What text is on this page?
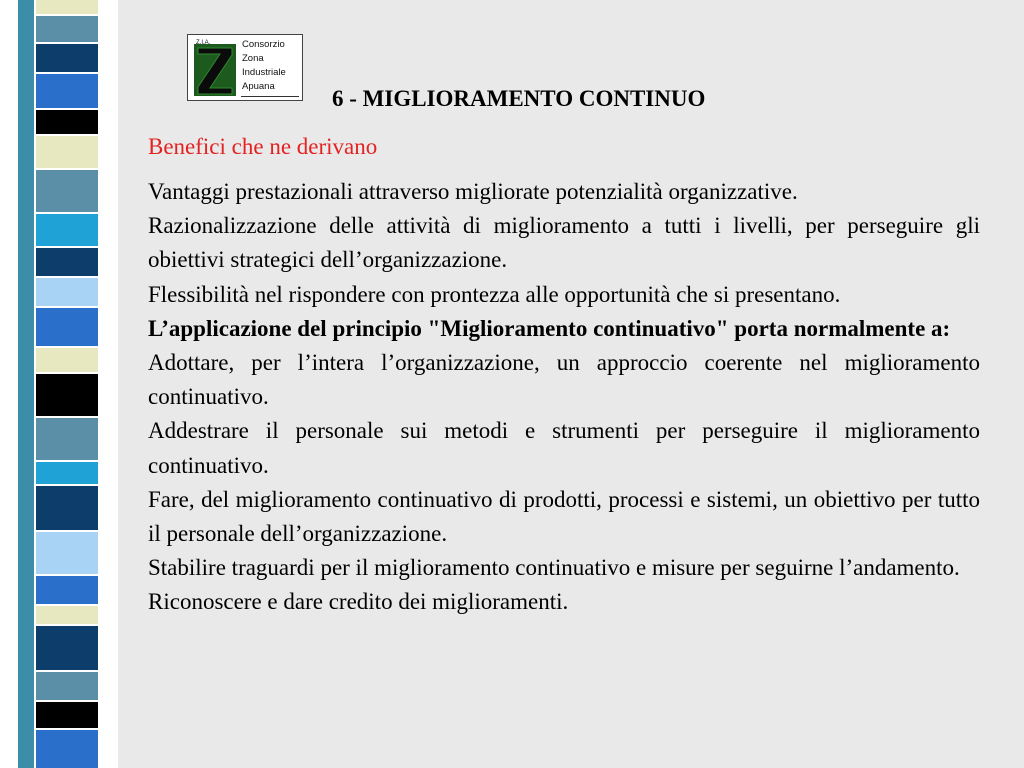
Z.I.A.	Consorzio
Zona
Industriale
Apuana	6 - MIGLIORAMENTO CONTINUO
Benefici che ne derivano

Vantaggi prestazionali attraverso migliorate potenzialità organizzative.

Razionalizzazione delle attività di miglioramento a tutti i livelli, per perseguire gli obiettivi strategici dell’organizzazione.

Flessibilità nel rispondere con prontezza alle opportunità che si presentano.

L’applicazione del principio "Miglioramento continuativo" porta normalmente a:

Adottare, per l’intera l’organizzazione, un approccio coerente nel miglioramento continuativo.

Addestrare il personale sui metodi e strumenti per perseguire il miglioramento continuativo.

Fare, del miglioramento continuativo di prodotti, processi e sistemi, un obiettivo per tutto il personale dell’organizzazione.

Stabilire traguardi per il miglioramento continuativo e misure per seguirne l’andamento.

Riconoscere e dare credito dei miglioramenti.
